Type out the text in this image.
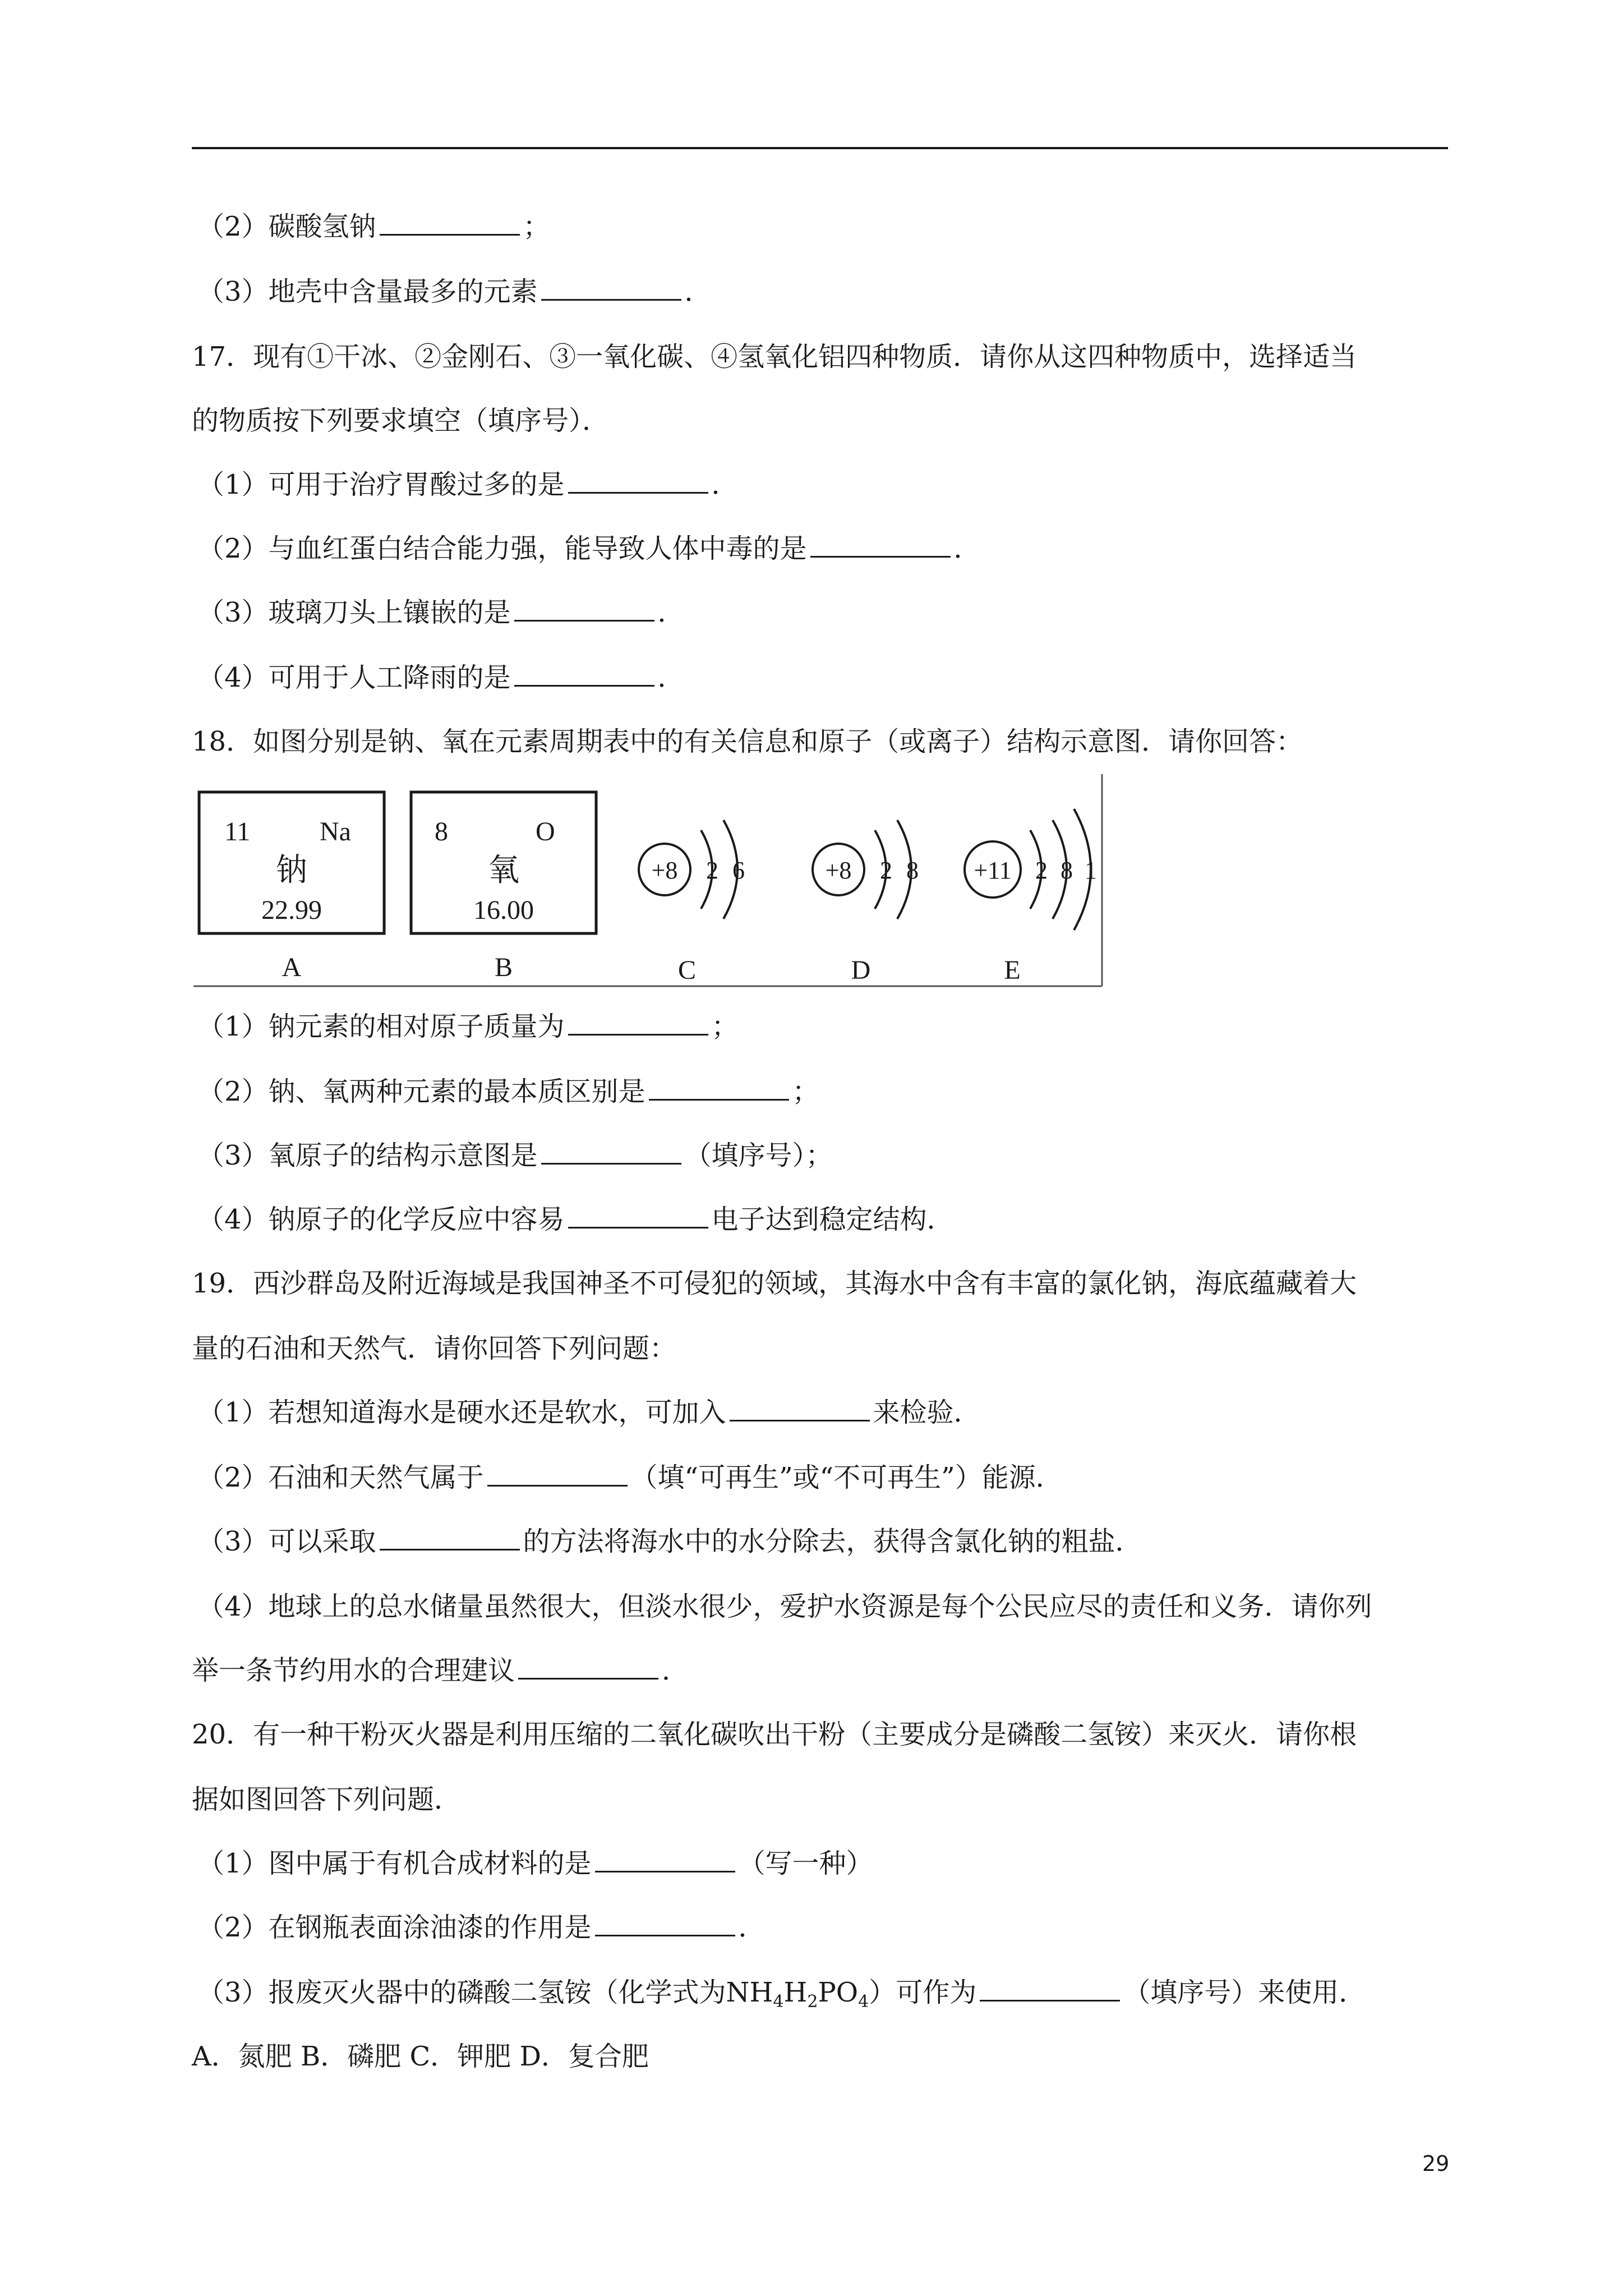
（2）碳酸氢钠	；
（3）地壳中含量最多的元素	．
17．现有①干冰、②金刚石、③一氧化碳、④氢氧化铝四种物质．请你从这四种物质中，选择适当
的物质按下列要求填空（填序号）．
（1）可用于治疗胃酸过多的是	．
（2）与血红蛋白结合能力强，能导致人体中毒的是	．
（3）玻璃刀头上镶嵌的是	．
（4）可用于人工降雨的是	．
18．如图分别是钠、氧在元素周期表中的有关信息和原子（或离子）结构示意图．请你回答：
11	Na
钠
22.99
A
8	O
氧
16.00
B
+8 2 6
C
+8 2 8
D
+11 2 8 1
E
（1）钠元素的相对原子质量为	；
（2）钠、氧两种元素的最本质区别是	；
（3）氧原子的结构示意图是	（填序号）；
（4）钠原子的化学反应中容易	电子达到稳定结构．
19．西沙群岛及附近海域是我国神圣不可侵犯的领域，其海水中含有丰富的氯化钠，海底蕴藏着大
量的石油和天然气．请你回答下列问题：
（1）若想知道海水是硬水还是软水，可加入	来检验．
（2）石油和天然气属于	（填“可再生”或“不可再生”）能源．
（3）可以采取	的方法将海水中的水分除去，获得含氯化钠的粗盐．
（4）地球上的总水储量虽然很大，但淡水很少，爱护水资源是每个公民应尽的责任和义务．请你列
举一条节约用水的合理建议	．
20．有一种干粉灭火器是利用压缩的二氧化碳吹出干粉（主要成分是磷酸二氢铵）来灭火．请你根
据如图回答下列问题．
（1）图中属于有机合成材料的是	（写一种）
（2）在钢瓶表面涂油漆的作用是	．
（3）报废灭火器中的磷酸二氢铵（化学式为$NH_4H_2PO_4$）可作为	（填序号）来使用．
A．氮肥 B．磷肥 C．钾肥 D．复合肥
29
